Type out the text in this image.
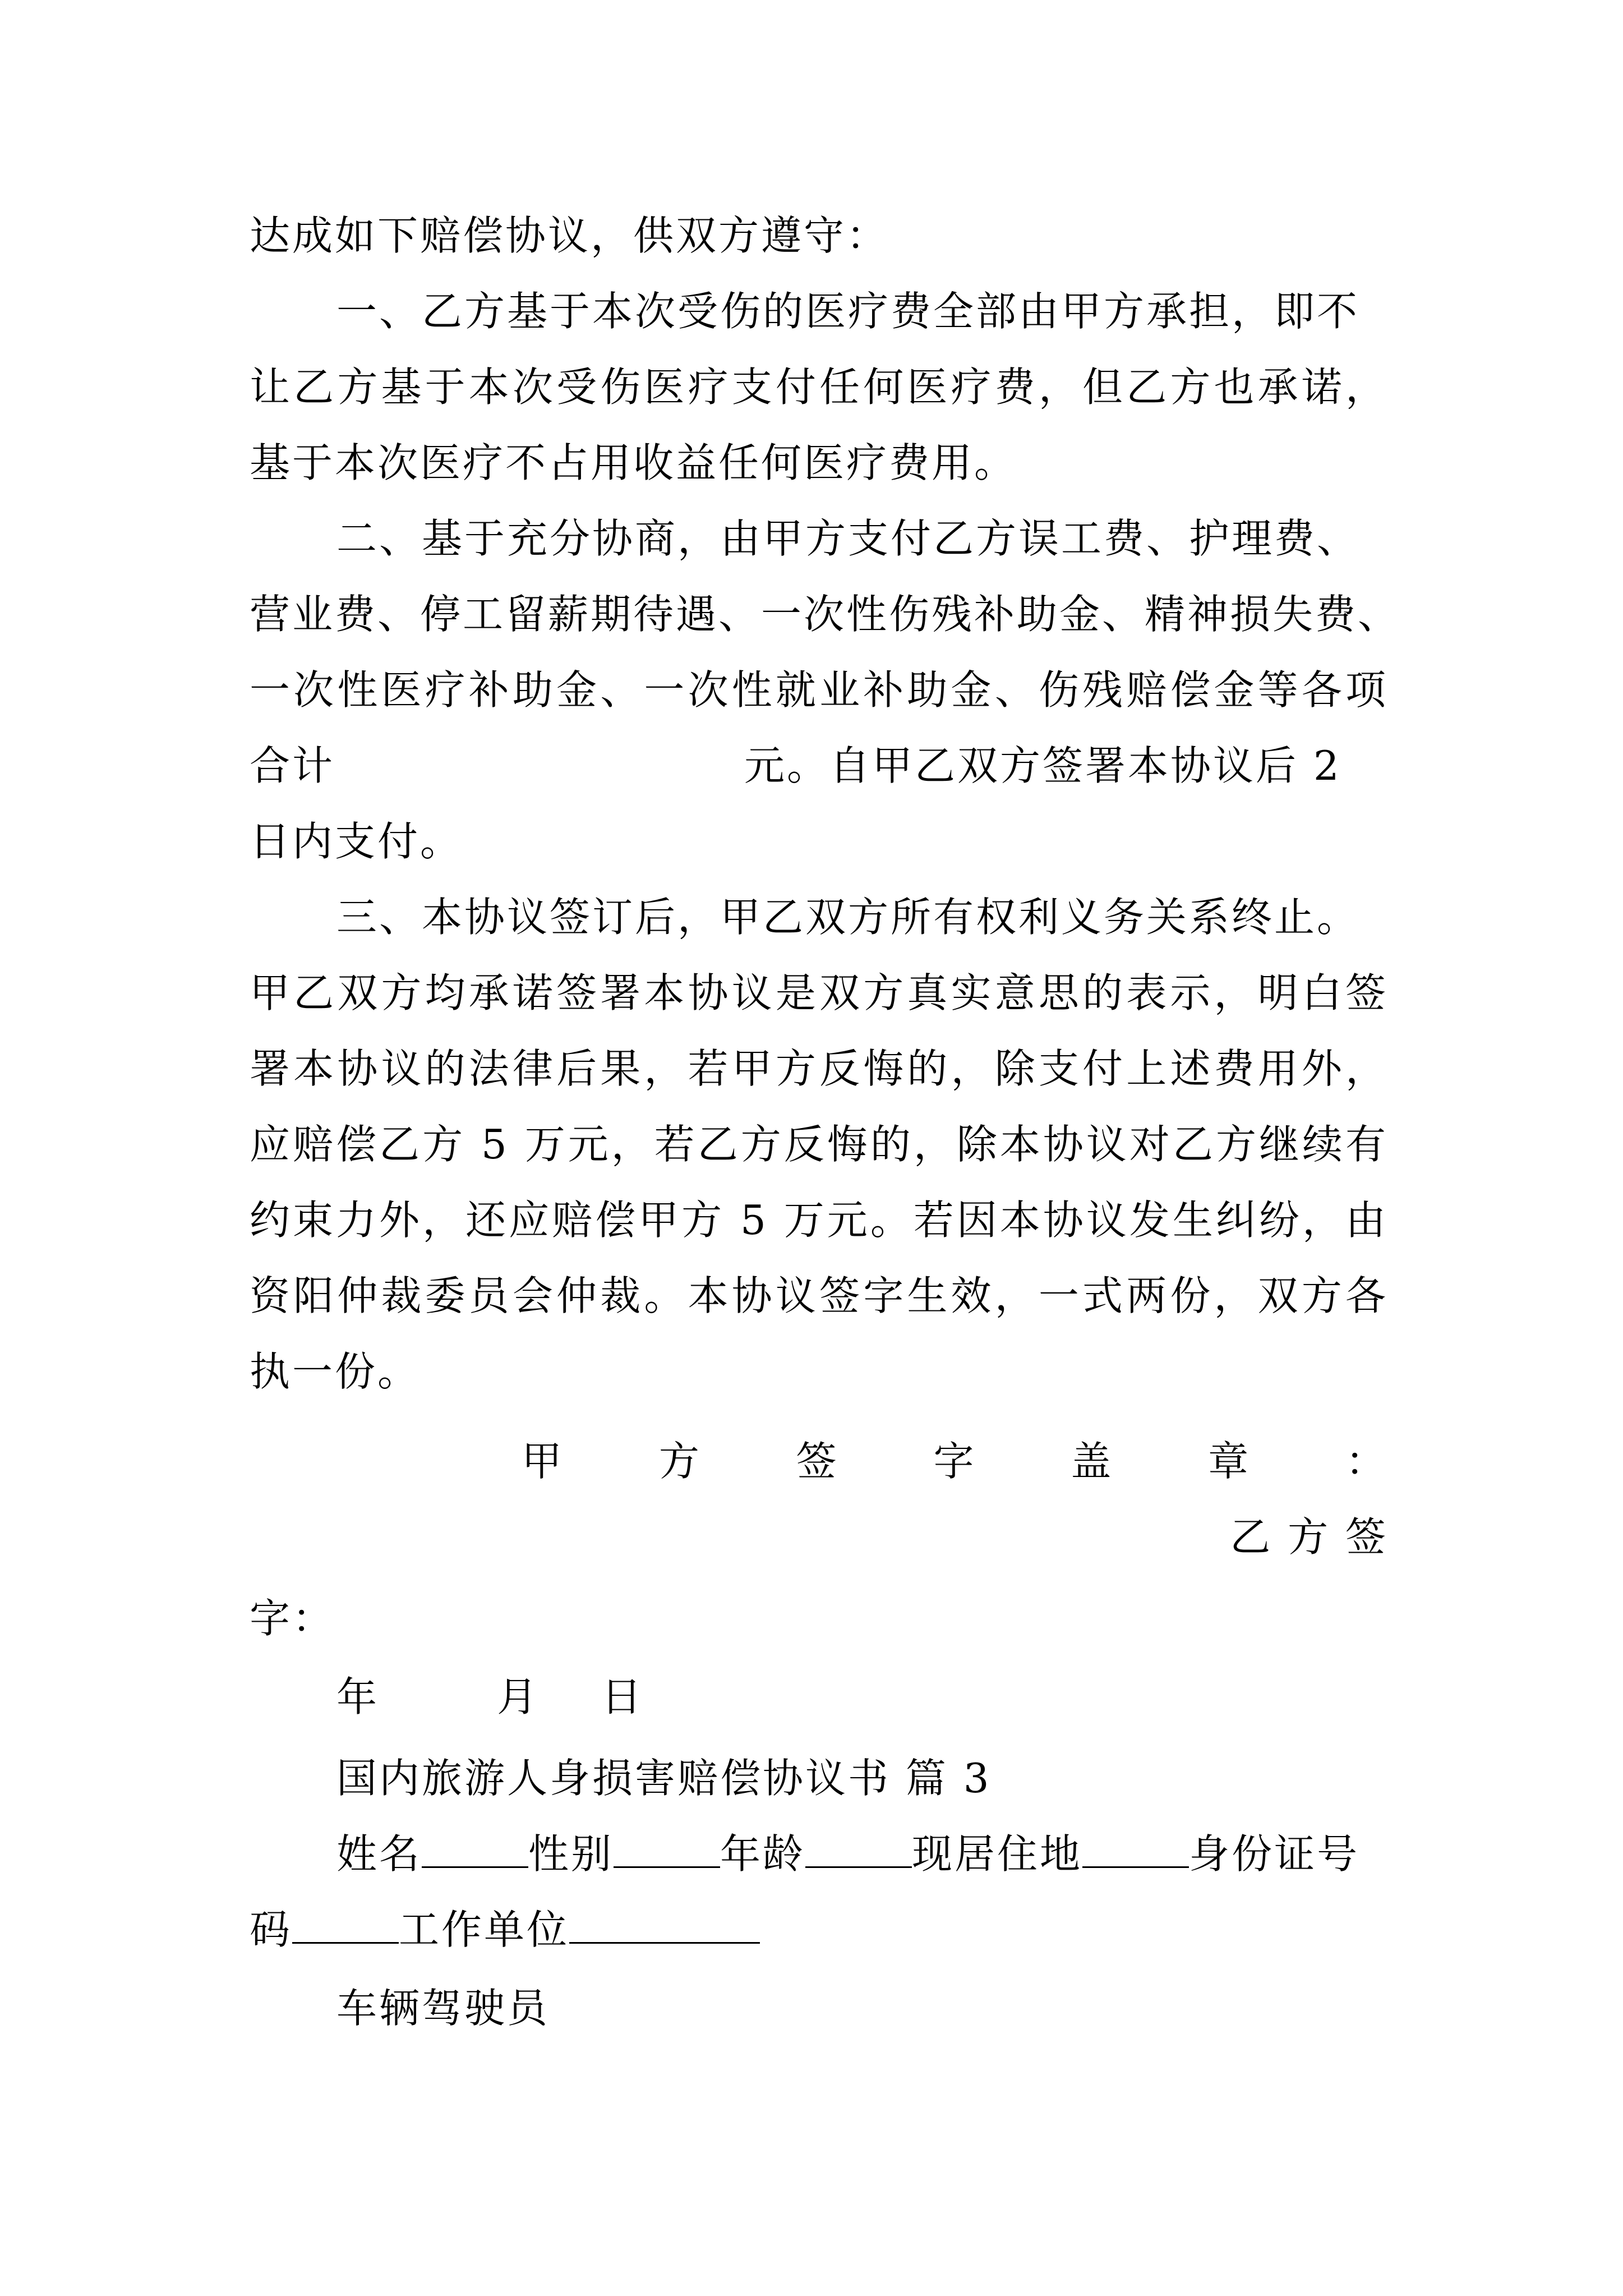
达成如下赔偿协议，供双方遵守：
一、乙方基于本次受伤的医疗费全部由甲方承担，即不
让乙方基于本次受伤医疗支付任何医疗费，但乙方也承诺，
基于本次医疗不占用收益任何医疗费用。
二、基于充分协商，由甲方支付乙方误工费、护理费、
营业费、停工留薪期待遇、一次性伤残补助金、精神损失费、
一次性医疗补助金、一次性就业补助金、伤残赔偿金等各项
合计	元。自甲乙双方签署本协议后 2
日内支付。
三、本协议签订后，甲乙双方所有权利义务关系终止。
甲乙双方均承诺签署本协议是双方真实意思的表示，明白签
署本协议的法律后果，若甲方反悔的，除支付上述费用外，
应赔偿乙方 5 万元，若乙方反悔的，除本协议对乙方继续有
约束力外，还应赔偿甲方 5 万元。若因本协议发生纠纷，由
资阳仲裁委员会仲裁。本协议签字生效，一式两份，双方各
执一份。
甲 方 签 字 盖 章 ：
乙 方 签
字：
年	月 日
国内旅游人身损害赔偿协议书 篇 3
姓名	性别	年龄	现居住地	身份证号
码	工作单位
车辆驾驶员
